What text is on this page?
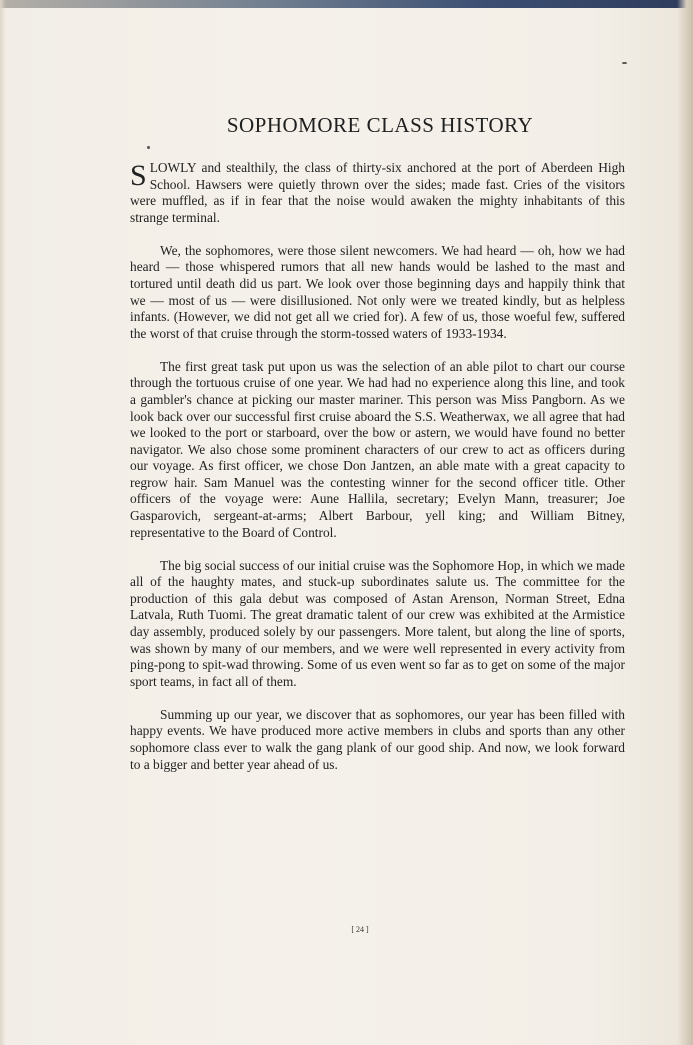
SOPHOMORE CLASS HISTORY

SLOWLY and stealthily, the class of thirty-six anchored at the port of Aberdeen High School. Hawsers were quietly thrown over the sides; made fast. Cries of the visitors were muffled, as if in fear that the noise would awaken the mighty inhabitants of this strange terminal.

We, the sophomores, were those silent newcomers. We had heard — oh, how we had heard — those whispered rumors that all new hands would be lashed to the mast and tortured until death did us part. We look over those beginning days and happily think that we — most of us — were disillusioned. Not only were we treated kindly, but as helpless infants. (However, we did not get all we cried for). A few of us, those woeful few, suffered the worst of that cruise through the storm-tossed waters of 1933-1934.

The first great task put upon us was the selection of an able pilot to chart our course through the tortuous cruise of one year. We had had no experience along this line, and took a gambler's chance at picking our master mariner. This person was Miss Pangborn. As we look back over our successful first cruise aboard the S.S. Weatherwax, we all agree that had we looked to the port or starboard, over the bow or astern, we would have found no better navigator. We also chose some prominent characters of our crew to act as officers during our voyage. As first officer, we chose Don Jantzen, an able mate with a great capacity to regrow hair. Sam Manuel was the contesting winner for the second officer title. Other officers of the voyage were: Aune Hallila, secretary; Evelyn Mann, treasurer; Joe Gasparovich, sergeant-at-arms; Albert Barbour, yell king; and William Bitney, representative to the Board of Control.

The big social success of our initial cruise was the Sophomore Hop, in which we made all of the haughty mates, and stuck-up subordinates salute us. The committee for the production of this gala debut was composed of Astan Arenson, Norman Street, Edna Latvala, Ruth Tuomi. The great dramatic talent of our crew was exhibited at the Armistice day assembly, produced solely by our passengers. More talent, but along the line of sports, was shown by many of our members, and we were well represented in every activity from ping-pong to spit-wad throwing. Some of us even went so far as to get on some of the major sport teams, in fact all of them.

Summing up our year, we discover that as sophomores, our year has been filled with happy events. We have produced more active members in clubs and sports than any other sophomore class ever to walk the gang plank of our good ship. And now, we look forward to a bigger and better year ahead of us.

[ 24 ]
